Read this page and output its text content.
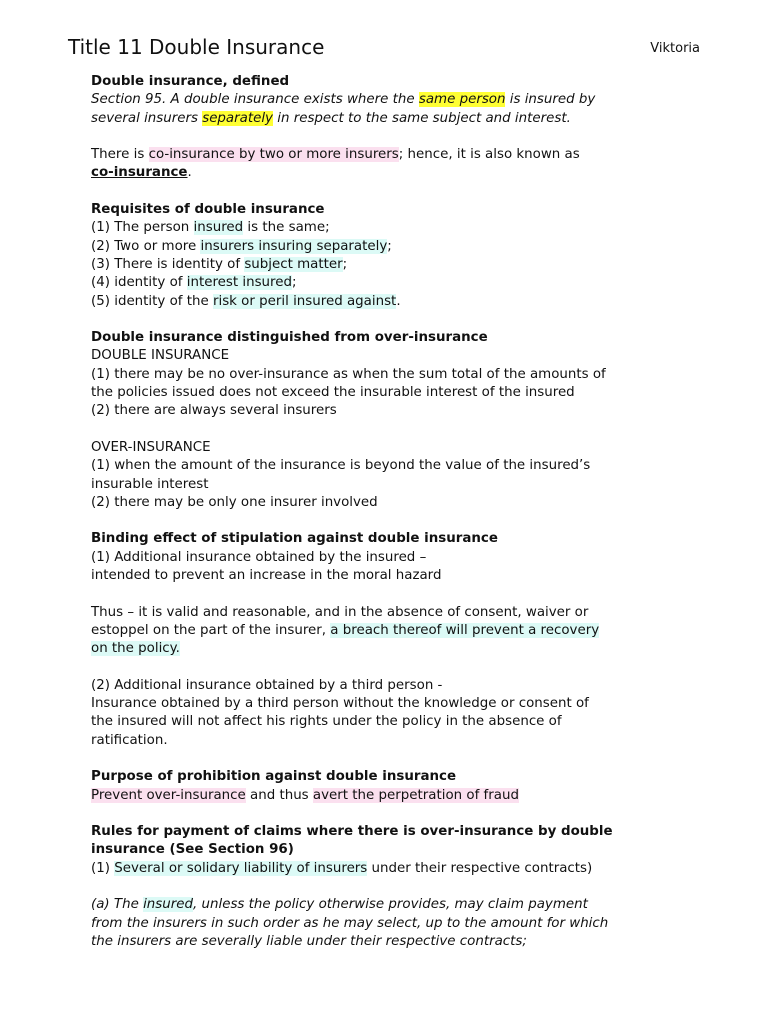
Title 11 Double Insurance	Viktoria
Double insurance, defined
Section 95. A double insurance exists where the same person is insured by
several insurers separately in respect to the same subject and interest.
There is co-insurance by two or more insurers; hence, it is also known as
co-insurance.
Requisites of double insurance
(1) The person insured is the same;
(2) Two or more insurers insuring separately;
(3) There is identity of subject matter;
(4) identity of interest insured;
(5) identity of the risk or peril insured against.
Double insurance distinguished from over-insurance
DOUBLE INSURANCE
(1) there may be no over-insurance as when the sum total of the amounts of
the policies issued does not exceed the insurable interest of the insured
(2) there are always several insurers
OVER-INSURANCE
(1) when the amount of the insurance is beyond the value of the insured’s
insurable interest
(2) there may be only one insurer involved
Binding effect of stipulation against double insurance
(1) Additional insurance obtained by the insured –
intended to prevent an increase in the moral hazard
Thus – it is valid and reasonable, and in the absence of consent, waiver or
estoppel on the part of the insurer, a breach thereof will prevent a recovery
on the policy.
(2) Additional insurance obtained by a third person -
Insurance obtained by a third person without the knowledge or consent of
the insured will not affect his rights under the policy in the absence of
ratification.
Purpose of prohibition against double insurance
Prevent over-insurance and thus avert the perpetration of fraud
Rules for payment of claims where there is over-insurance by double
insurance (See Section 96)
(1) Several or solidary liability of insurers under their respective contracts)
(a) The insured, unless the policy otherwise provides, may claim payment
from the insurers in such order as he may select, up to the amount for which
the insurers are severally liable under their respective contracts;
